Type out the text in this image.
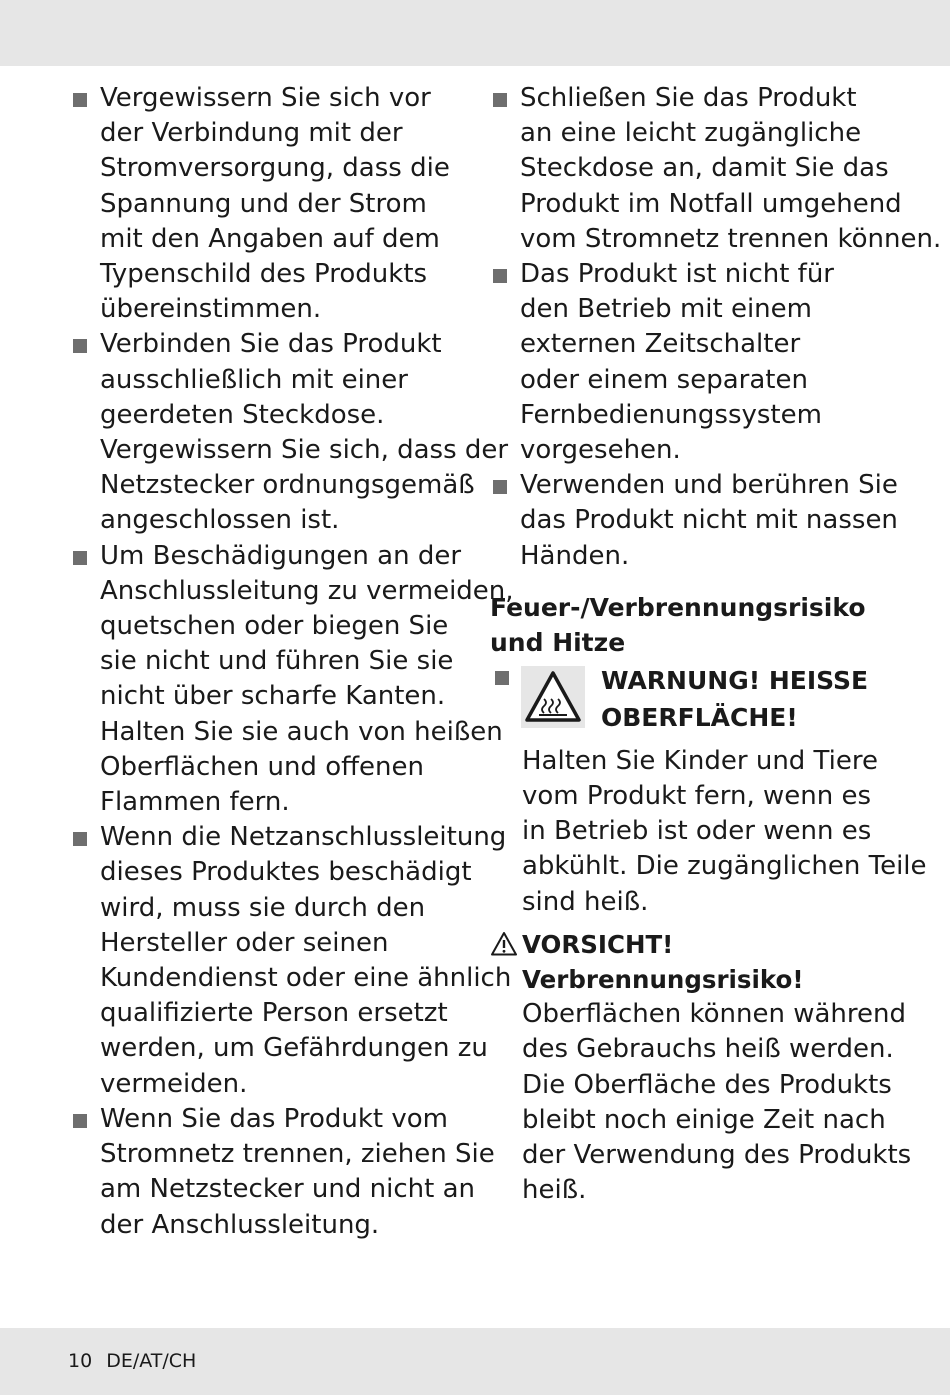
Vergewissern Sie sich vor
der Verbindung mit der
Stromversorgung, dass die
Spannung und der Strom
mit den Angaben auf dem
Typenschild des Produkts
übereinstimmen.
Verbinden Sie das Produkt
ausschließlich mit einer
geerdeten Steckdose.
Vergewissern Sie sich, dass der
Netzstecker ordnungsgemäß
angeschlossen ist.
Um Beschädigungen an der
Anschlussleitung zu vermeiden,
quetschen oder biegen Sie
sie nicht und führen Sie sie
nicht über scharfe Kanten.
Halten Sie sie auch von heißen
Oberflächen und offenen
Flammen fern.
Wenn die Netzanschlussleitung
dieses Produktes beschädigt
wird, muss sie durch den
Hersteller oder seinen
Kundendienst oder eine ähnlich
qualifizierte Person ersetzt
werden, um Gefährdungen zu
vermeiden.
Wenn Sie das Produkt vom
Stromnetz trennen, ziehen Sie
am Netzstecker und nicht an
der Anschlussleitung.
Schließen Sie das Produkt
an eine leicht zugängliche
Steckdose an, damit Sie das
Produkt im Notfall umgehend
vom Stromnetz trennen können.
Das Produkt ist nicht für
den Betrieb mit einem
externen Zeitschalter
oder einem separaten
Fernbedienungssystem
vorgesehen.
Verwenden und berühren Sie
das Produkt nicht mit nassen
Händen.
Feuer-/Verbrennungsrisiko
und Hitze
WARNUNG! HEISSE
OBERFLÄCHE!
Halten Sie Kinder und Tiere
vom Produkt fern, wenn es
in Betrieb ist oder wenn es
abkühlt. Die zugänglichen Teile
sind heiß.
VORSICHT!
Verbrennungsrisiko!
Oberflächen können während
des Gebrauchs heiß werden.
Die Oberfläche des Produkts
bleibt noch einige Zeit nach
der Verwendung des Produkts
heiß.
10 DE/AT/CH
